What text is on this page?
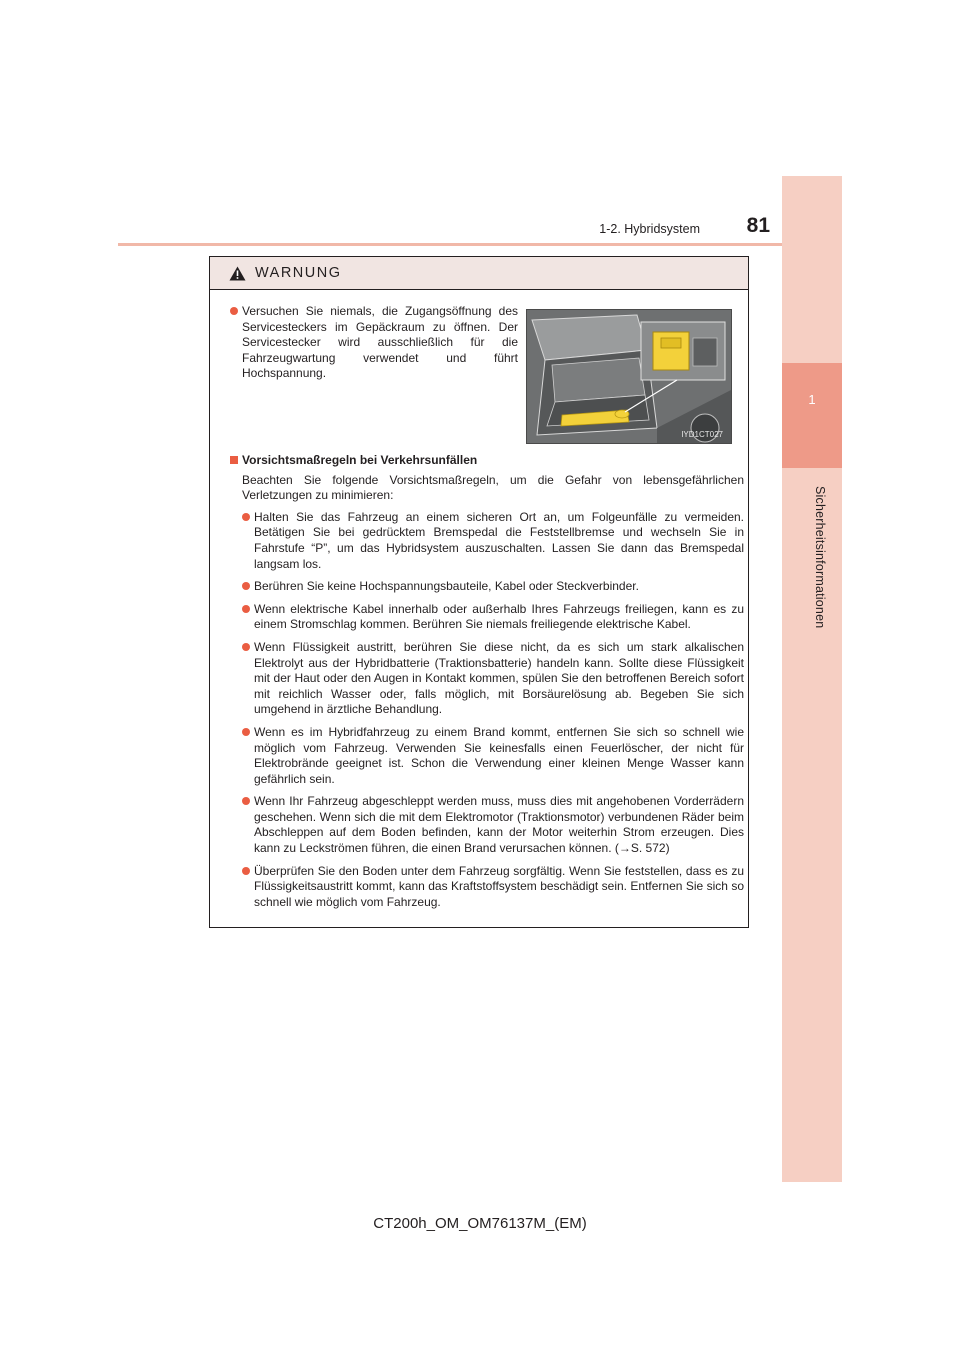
1
Sicherheitsinformationen
1-2. Hybridsystem	81
WARNUNG
Versuchen Sie niemals, die Zugangsöffnung des Servicesteckers im Gepäckraum zu öffnen. Der Servicestecker wird ausschließlich für die Fahrzeugwartung verwendet und führt Hochspannung.
IYD1CT027
Vorsichtsmaßregeln bei Verkehrsunfällen
Beachten Sie folgende Vorsichtsmaßregeln, um die Gefahr von lebensgefährlichen Verletzungen zu minimieren:
Halten Sie das Fahrzeug an einem sicheren Ort an, um Folgeunfälle zu vermeiden. Betätigen Sie bei gedrücktem Bremspedal die Feststellbremse und wechseln Sie in Fahrstufe “P”, um das Hybridsystem auszuschalten. Lassen Sie dann das Bremspedal langsam los.
Berühren Sie keine Hochspannungsbauteile, Kabel oder Steckverbinder.
Wenn elektrische Kabel innerhalb oder außerhalb Ihres Fahrzeugs freiliegen, kann es zu einem Stromschlag kommen. Berühren Sie niemals freiliegende elektrische Kabel.
Wenn Flüssigkeit austritt, berühren Sie diese nicht, da es sich um stark alkalischen Elektrolyt aus der Hybridbatterie (Traktionsbatterie) handeln kann. Sollte diese Flüssigkeit mit der Haut oder den Augen in Kontakt kommen, spülen Sie den betroffenen Bereich sofort mit reichlich Wasser oder, falls möglich, mit Borsäurelösung ab. Begeben Sie sich umgehend in ärztliche Behandlung.
Wenn es im Hybridfahrzeug zu einem Brand kommt, entfernen Sie sich so schnell wie möglich vom Fahrzeug. Verwenden Sie keinesfalls einen Feuerlöscher, der nicht für Elektrobrände geeignet ist. Schon die Verwendung einer kleinen Menge Wasser kann gefährlich sein.
Wenn Ihr Fahrzeug abgeschleppt werden muss, muss dies mit angehobenen Vorderrädern geschehen. Wenn sich die mit dem Elektromotor (Traktionsmotor) verbundenen Räder beim Abschleppen auf dem Boden befinden, kann der Motor weiterhin Strom erzeugen. Dies kann zu Leckströmen führen, die einen Brand verursachen können. (→S. 572)
Überprüfen Sie den Boden unter dem Fahrzeug sorgfältig. Wenn Sie feststellen, dass es zu Flüssigkeitsaustritt kommt, kann das Kraftstoffsystem beschädigt sein. Entfernen Sie sich so schnell wie möglich vom Fahrzeug.
CT200h_OM_OM76137M_(EM)
